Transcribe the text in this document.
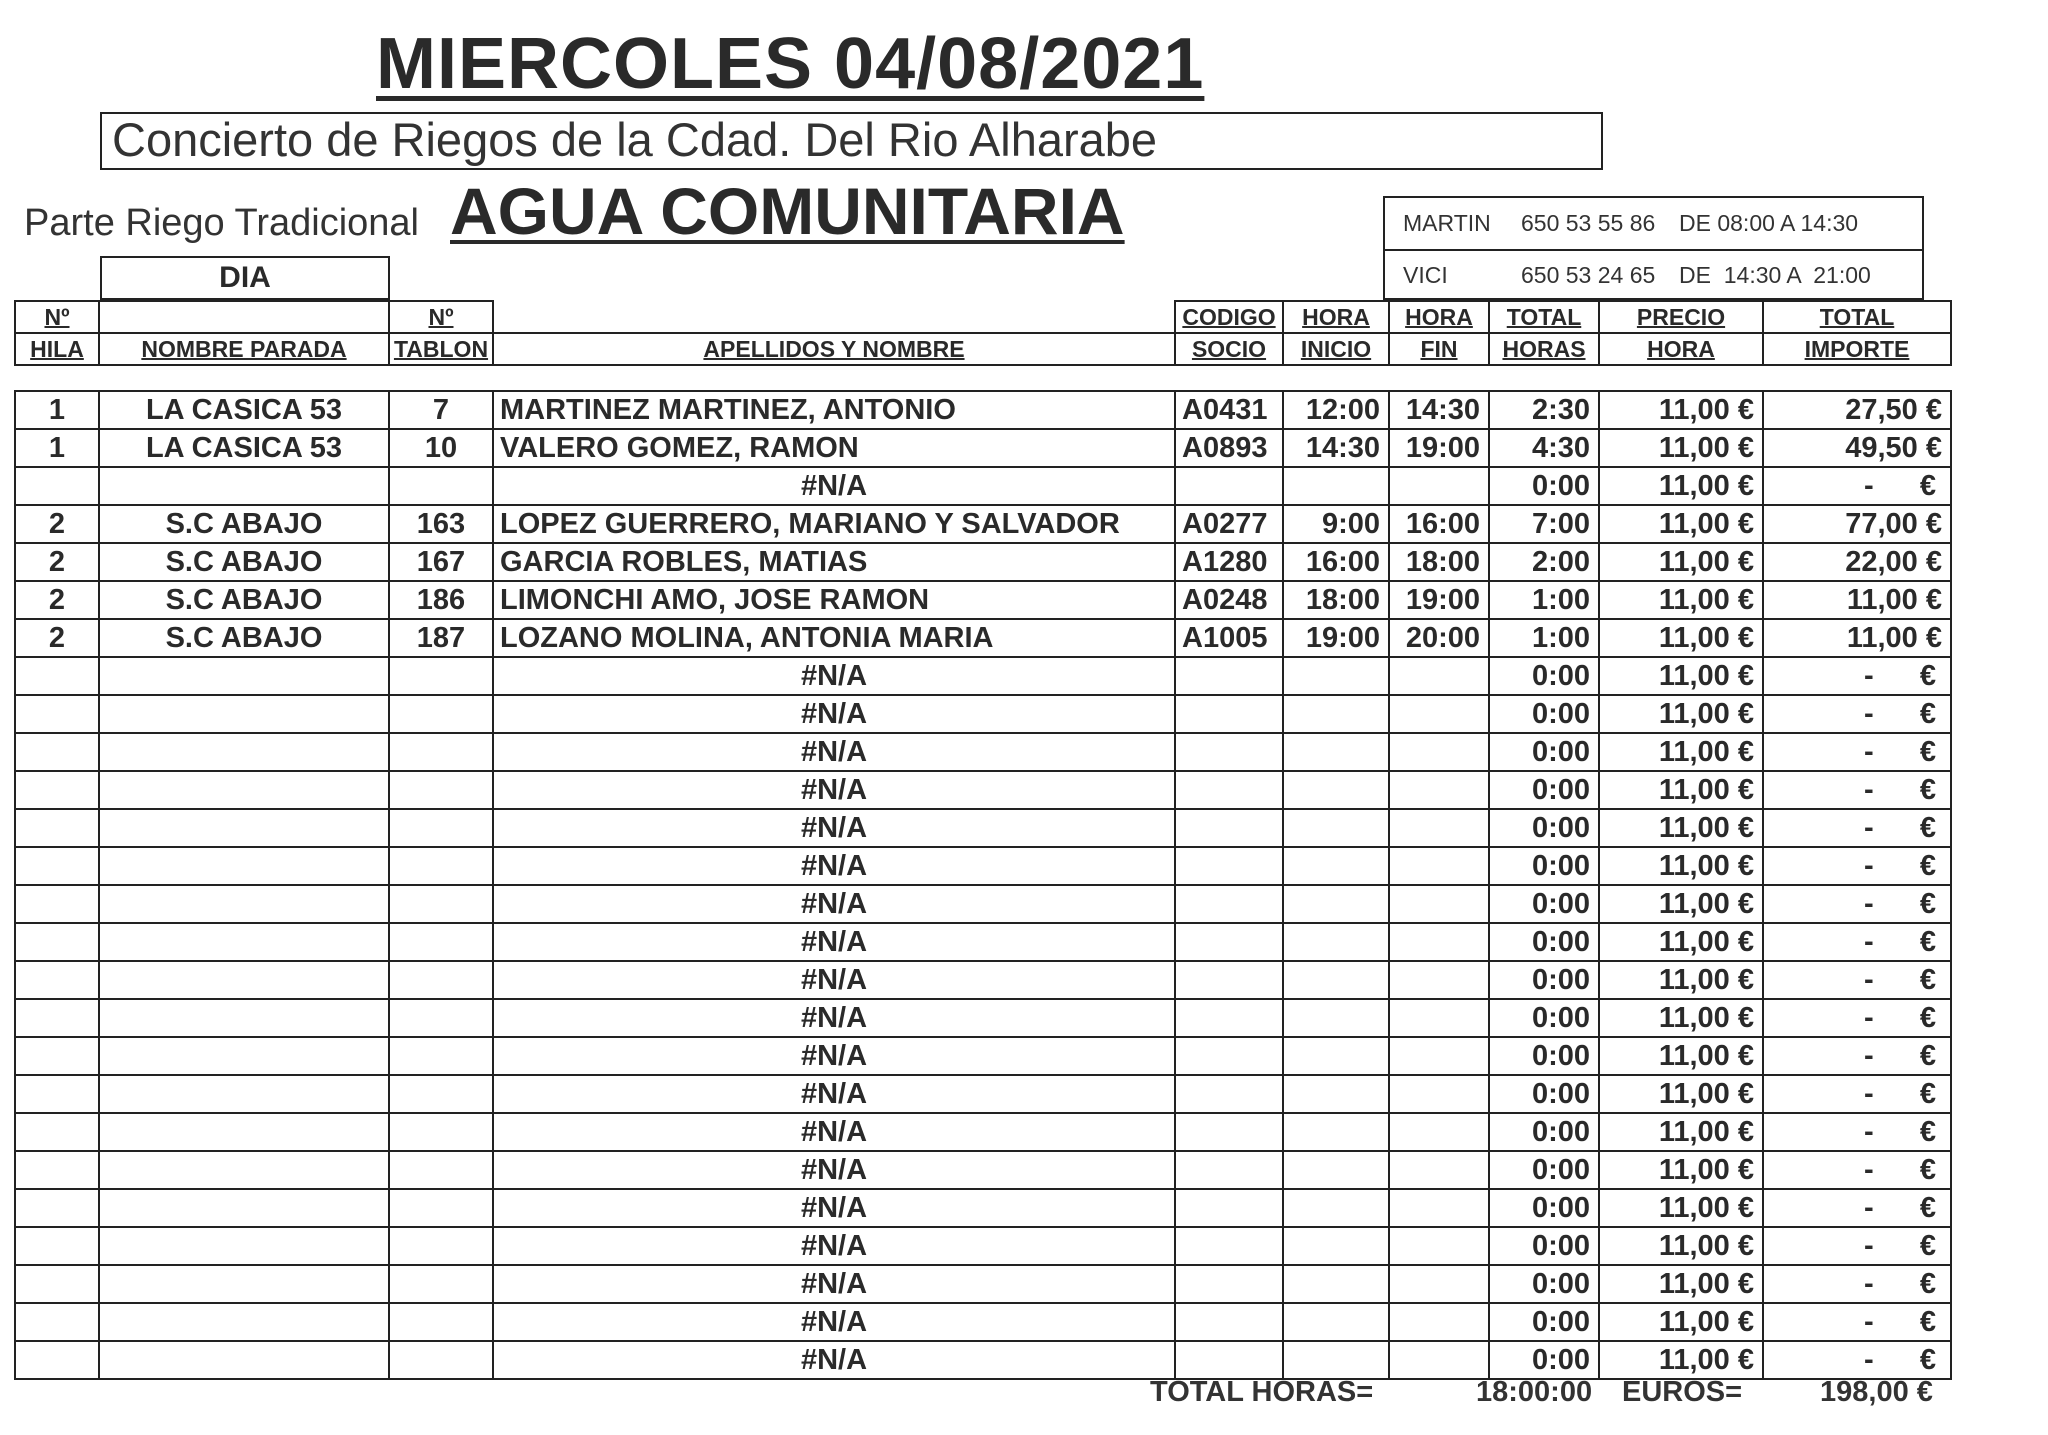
MIERCOLES 04/08/2021
Concierto de Riegos de la Cdad. Del Rio Alharabe
Parte Riego Tradicional AGUA COMUNITARIA	MARTIN	650 53 55 86	DE 08:00 A 14:30
VICI	650 53 24 65	DE  14:30 A  21:00
DIA
Nº		Nº		CODIGO	HORA	HORA	TOTAL	PRECIO	TOTAL
HILA	NOMBRE PARADA	TABLON	APELLIDOS Y NOMBRE	SOCIO	INICIO	FIN	HORAS	HORA	IMPORTE
1	LA CASICA 53	7	MARTINEZ MARTINEZ, ANTONIO	A0431	12:00	14:30	2:30	11,00 €	27,50 €
1	LA CASICA 53	10	VALERO GOMEZ, RAMON	A0893	14:30	19:00	4:30	11,00 €	49,50 €
			#N/A				0:00	11,00 €	- €

2	S.C ABAJO	163	LOPEZ GUERRERO, MARIANO Y SALVADOR	A0277	9:00	16:00	7:00	11,00 €	77,00 €
2	S.C ABAJO	167	GARCIA ROBLES, MATIAS	A1280	16:00	18:00	2:00	11,00 €	22,00 €
2	S.C ABAJO	186	LIMONCHI AMO, JOSE RAMON	A0248	18:00	19:00	1:00	11,00 €	11,00 €
2	S.C ABAJO	187	LOZANO MOLINA, ANTONIA MARIA	A1005	19:00	20:00	1:00	11,00 €	11,00 €
			#N/A				0:00	11,00 €	- €

			#N/A				0:00	11,00 €	- €

			#N/A				0:00	11,00 €	- €

			#N/A				0:00	11,00 €	- €

			#N/A				0:00	11,00 €	- €

			#N/A				0:00	11,00 €	- €

			#N/A				0:00	11,00 €	- €

			#N/A				0:00	11,00 €	- €

			#N/A				0:00	11,00 €	- €

			#N/A				0:00	11,00 €	- €

			#N/A				0:00	11,00 €	- €

			#N/A				0:00	11,00 €	- €

			#N/A				0:00	11,00 €	- €

			#N/A				0:00	11,00 €	- €

			#N/A				0:00	11,00 €	- €

			#N/A				0:00	11,00 €	- €

			#N/A				0:00	11,00 €	- €

			#N/A				0:00	11,00 €	- €

			#N/A				0:00	11,00 €	- €
TOTAL HORAS=	18:00:00 EUROS=	198,00 €
